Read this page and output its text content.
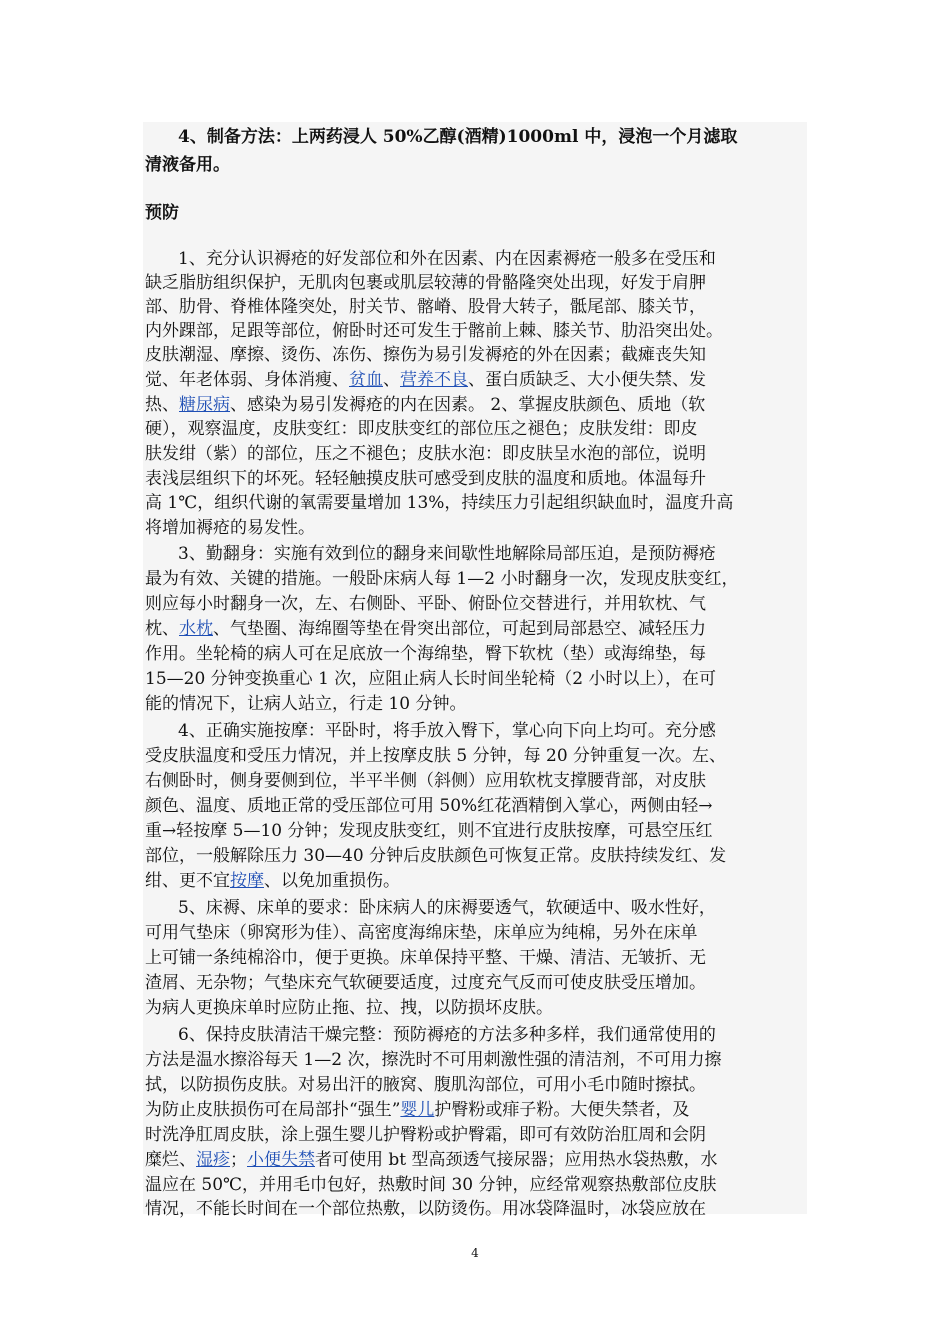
4、制备方法：上两药浸人 50%乙醇(酒精)1000ml 中，浸泡一个月滤取
清液备用。
预防
1、充分认识褥疮的好发部位和外在因素、内在因素褥疮一般多在受压和
缺乏脂肪组织保护，无肌肉包裹或肌层较薄的骨骼隆突处出现，好发于肩胛
部、肋骨、脊椎体隆突处，肘关节、髂嵴、股骨大转子，骶尾部、膝关节，
内外踝部，足跟等部位，俯卧时还可发生于髂前上棘、膝关节、肋沿突出处。
皮肤潮湿、摩擦、烫伤、冻伤、擦伤为易引发褥疮的外在因素；截瘫丧失知
觉、年老体弱、身体消瘦、贫血、营养不良、蛋白质缺乏、大小便失禁、发
热、糖尿病、感染为易引发褥疮的内在因素。 2、掌握皮肤颜色、质地（软
硬），观察温度，皮肤变红：即皮肤变红的部位压之褪色；皮肤发绀：即皮
肤发绀（紫）的部位，压之不褪色；皮肤水泡：即皮肤呈水泡的部位，说明
表浅层组织下的坏死。轻轻触摸皮肤可感受到皮肤的温度和质地。体温每升
高 1℃，组织代谢的氧需要量增加 13%，持续压力引起组织缺血时，温度升高
将增加褥疮的易发性。
3、勤翻身：实施有效到位的翻身来间歇性地解除局部压迫，是预防褥疮
最为有效、关键的措施。一般卧床病人每 1—2 小时翻身一次，发现皮肤变红，
则应每小时翻身一次，左、右侧卧、平卧、俯卧位交替进行，并用软枕、气
枕、水枕、气垫圈、海绵圈等垫在骨突出部位，可起到局部悬空、减轻压力
作用。坐轮椅的病人可在足底放一个海绵垫，臀下软枕（垫）或海绵垫，每
15—20 分钟变换重心 1 次，应阻止病人长时间坐轮椅（2 小时以上），在可
能的情况下，让病人站立，行走 10 分钟。
4、正确实施按摩：平卧时，将手放入臀下，掌心向下向上均可。充分感
受皮肤温度和受压力情况，并上按摩皮肤 5 分钟，每 20 分钟重复一次。左、
右侧卧时，侧身要侧到位，半平半侧（斜侧）应用软枕支撑腰背部，对皮肤
颜色、温度、质地正常的受压部位可用 50%红花酒精倒入掌心，两侧由轻→
重→轻按摩 5—10 分钟；发现皮肤变红，则不宜进行皮肤按摩，可悬空压红
部位，一般解除压力 30—40 分钟后皮肤颜色可恢复正常。皮肤持续发红、发
绀、更不宜按摩、以免加重损伤。
5、床褥、床单的要求：卧床病人的床褥要透气，软硬适中、吸水性好，
可用气垫床（卵窝形为佳）、高密度海绵床垫，床单应为纯棉，另外在床单
上可铺一条纯棉浴巾，便于更换。床单保持平整、干燥、清洁、无皱折、无
渣屑、无杂物；气垫床充气软硬要适度，过度充气反而可使皮肤受压增加。
为病人更换床单时应防止拖、拉、拽，以防损坏皮肤。
6、保持皮肤清洁干燥完整：预防褥疮的方法多种多样，我们通常使用的
方法是温水擦浴每天 1—2 次，擦洗时不可用刺激性强的清洁剂，不可用力擦
拭，以防损伤皮肤。对易出汗的腋窝、腹肌沟部位，可用小毛巾随时擦拭。
为防止皮肤损伤可在局部扑“强生”婴儿护臀粉或痱子粉。大便失禁者，及
时洗净肛周皮肤，涂上强生婴儿护臀粉或护臀霜，即可有效防治肛周和会阴
糜烂、湿疹；小便失禁者可使用 bt 型高颈透气接尿器；应用热水袋热敷，水
温应在 50℃，并用毛巾包好，热敷时间 30 分钟，应经常观察热敷部位皮肤
情况，不能长时间在一个部位热敷，以防烫伤。用冰袋降温时，冰袋应放在
4
